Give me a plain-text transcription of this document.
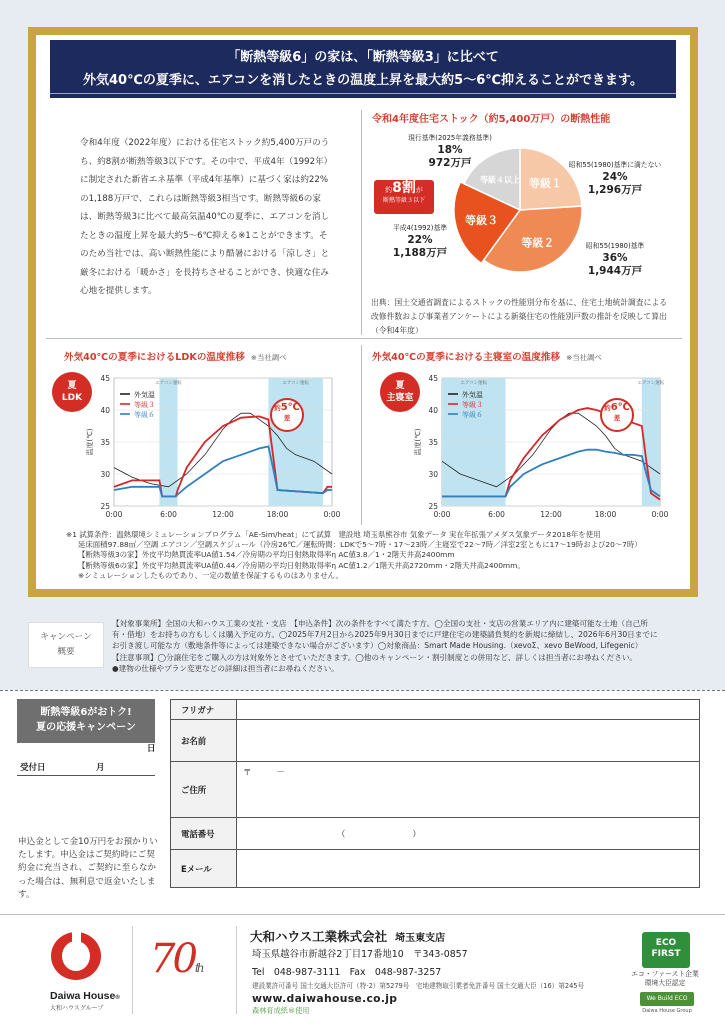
「断熱等級6」の家は、「断熱等級3」に比べて
外気40℃の夏季に、エアコンを消したときの温度上昇を最大約5～6℃抑えることができます。
令和4年度（2022年度）における住宅ストック約5,400万戸のうち、約8割が断熱等級3以下です。その中で、平成4年（1992年）に制定された新省エネ基準（平成4年基準）に基づく家は約22%の1,188万戸で、これらは断熱等級3相当です。断熱等級6の家は、断熱等級3に比べて最高気温40℃の夏季に、エアコンを消したときの温度上昇を最大約5～6℃抑える※1ことができます。そのため当社では、高い断熱性能により酷暑における「涼しさ」と厳冬における「暖かさ」を長持ちさせることができ、快適な住み心地を提供します。
令和4年度住宅ストック（約5,400万戸）の断熱性能
等級１
等級２
等級３
等級４以上
昭和55(1980)基準に満たない
24%
1,296万戸
昭和55(1980)基準
36%
1,944万戸
平成4(1992)基準
22%
1,188万戸
現行基準(2025年義務基準)
18%
972万戸
約8割が
断熱等級３以下
出典：国土交通省調査によるストックの性能別分布を基に、住宅土地統計調査による改修件数および事業者アンケートによる新築住宅の性能別戸数の推計を反映して算出（令和4年度）
外気40℃の夏季におけるLDKの温度推移 ※当社調べ	外気40℃の夏季における主寝室の温度推移 ※当社調べ
夏
LDK
夏
主寝室
エアコン運転	エアコン運転
25
30
35
40
45
0:00	6:00	12:00	18:00	0:00
温度(℃)
外気温
等級３
等級６
エアコン運転	エアコン運転
25
30
35
40
45
0:00	6:00	12:00	18:00	0:00
温度(℃)
外気温
等級３
等級６
約5℃
差
約6℃
差
※1 試算条件：温熱環境シミュレーションプログラム「AE-Sim/heat」にて試算　建設地 埼玉県熊谷市 気象データ 実在年拡張アメダス気象データ2018年を使用
延床面積97.88㎡／空調 エアコン／空調スケジュール（冷房26℃／運転時間：LDKで5～7時・17～23時／主寝室で22～7時／洋室2室ともに17～19時および20～7時）
【断熱等級3の家】外皮平均熱貫流率UA値1.54／冷房期の平均日射熱取得率η AC値3.8／1・2階天井高2400mm
【断熱等級6の家】外皮平均熱貫流率UA値0.44／冷房期の平均日射熱取得率η AC値1.2／1階天井高2720mm・2階天井高2400mm。
※シミュレーションしたものであり、一定の数値を保証するものはありません。
キャンペーン
概要
【対象事業所】全国の大和ハウス工業の支社・支店　【申込条件】次の条件をすべて満たす方。◯全国の支社・支店の営業エリア内に建築可能な土地（自己所
有・借地）をお持ちの方もしくは購入予定の方。◯2025年7月2日から2025年9月30日までに戸建住宅の建築請負契約を新規に締結し、2026年6月30日までに
お引き渡し可能な方（敷地条件等によっては建築できない場合がございます）◯対象商品：Smart Made Housing.（xevoΣ、xevo BeWood, Lifegenic）
【注意事項】◯分譲住宅をご購入の方は対象外とさせていただきます。◯他のキャンペーン・割引制度との併用など、詳しくは担当者にお尋ねください。
●建物の仕様やプラン変更などの詳細は担当者にお尋ねください。
断熱等級6がおトク!
夏の応援キャンペーン
日
受付日	月
申込金として金10万円をお預かりいたします。申込金はご契約時にご契約金に充当され、ご契約に至らなかった場合は、無利息で返金いたします。
フリガナ	
お名前	
ご住所	〒　　　－
電話番号	（　　　　　　　　）
Eメール	
Daiwa House®
大和ハウスグループ
70th
大和ハウス工業株式会社 埼玉東支店
埼玉県越谷市新越谷2丁目17番地10　〒343-0857
Tel　048-987-3111　Fax　048-987-3257
建設業許可番号 国土交通大臣許可（特-2）第5279号　宅地建物取引業者免許番号 国土交通大臣（16）第245号
www.daiwahouse.co.jp
森林育成紙®使用
ECO
FIRST
エコ・ファースト企業
環境大臣認定
We Build ECO
Daiwa House Group
